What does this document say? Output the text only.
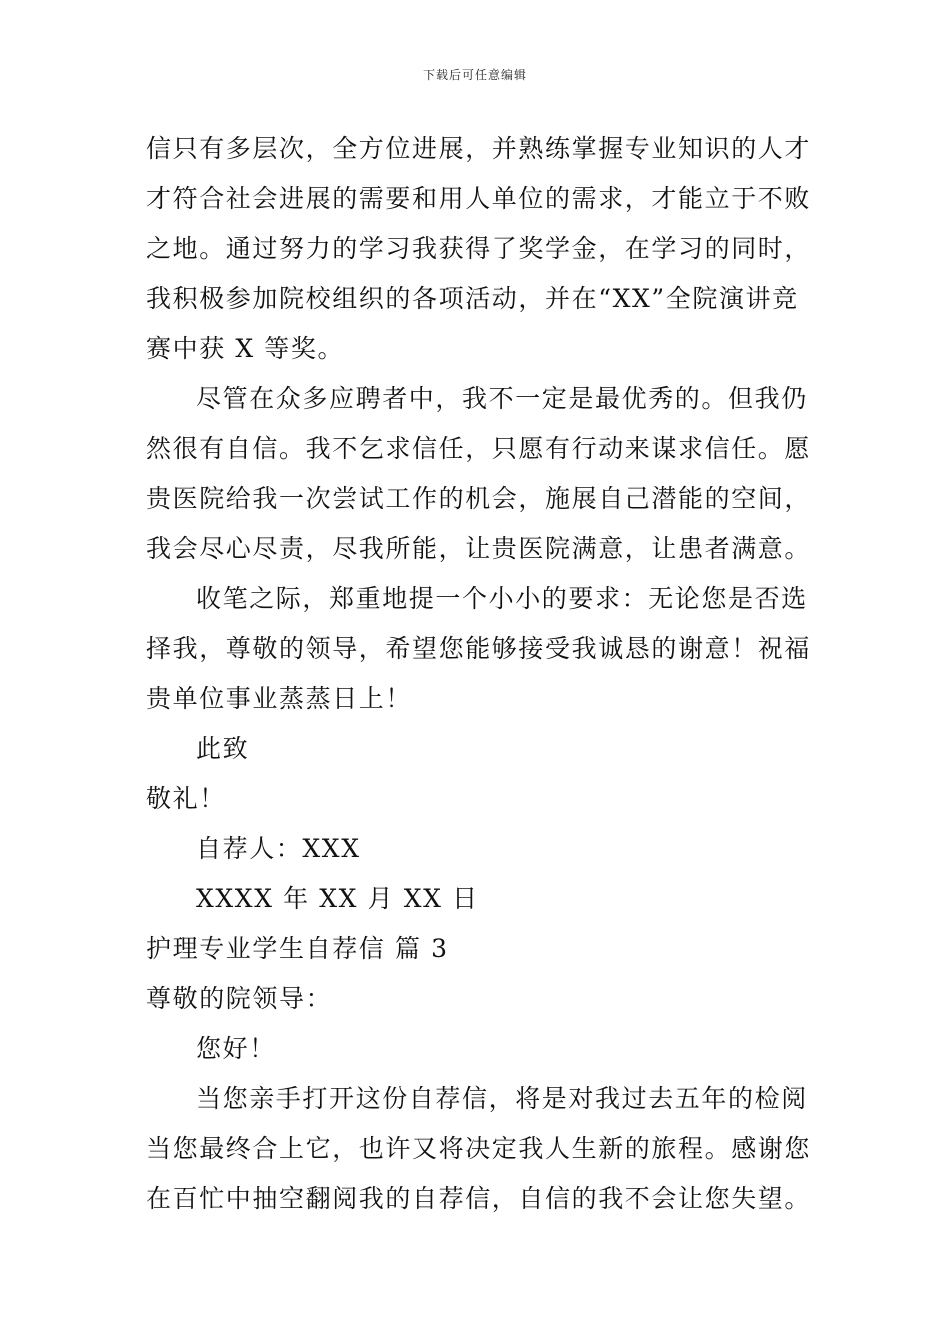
下载后可任意编辑
信只有多层次，全方位进展，并熟练掌握专业知识的人才
才符合社会进展的需要和用人单位的需求，才能立于不败
之地。通过努力的学习我获得了奖学金，在学习的同时，
我积极参加院校组织的各项活动，并在“XX”全院演讲竞
赛中获 X 等奖。
尽管在众多应聘者中，我不一定是最优秀的。但我仍
然很有自信。我不乞求信任，只愿有行动来谋求信任。愿
贵医院给我一次尝试工作的机会，施展自己潜能的空间，
我会尽心尽责，尽我所能，让贵医院满意，让患者满意。
收笔之际，郑重地提一个小小的要求：无论您是否选
择我，尊敬的领导，希望您能够接受我诚恳的谢意！祝福
贵单位事业蒸蒸日上！
此致
敬礼！
自荐人：XXX
XXXX 年 XX 月 XX 日
护理专业学生自荐信 篇 3
尊敬的院领导：
您好！
当您亲手打开这份自荐信，将是对我过去五年的检阅
当您最终合上它，也许又将决定我人生新的旅程。感谢您
在百忙中抽空翻阅我的自荐信，自信的我不会让您失望。
